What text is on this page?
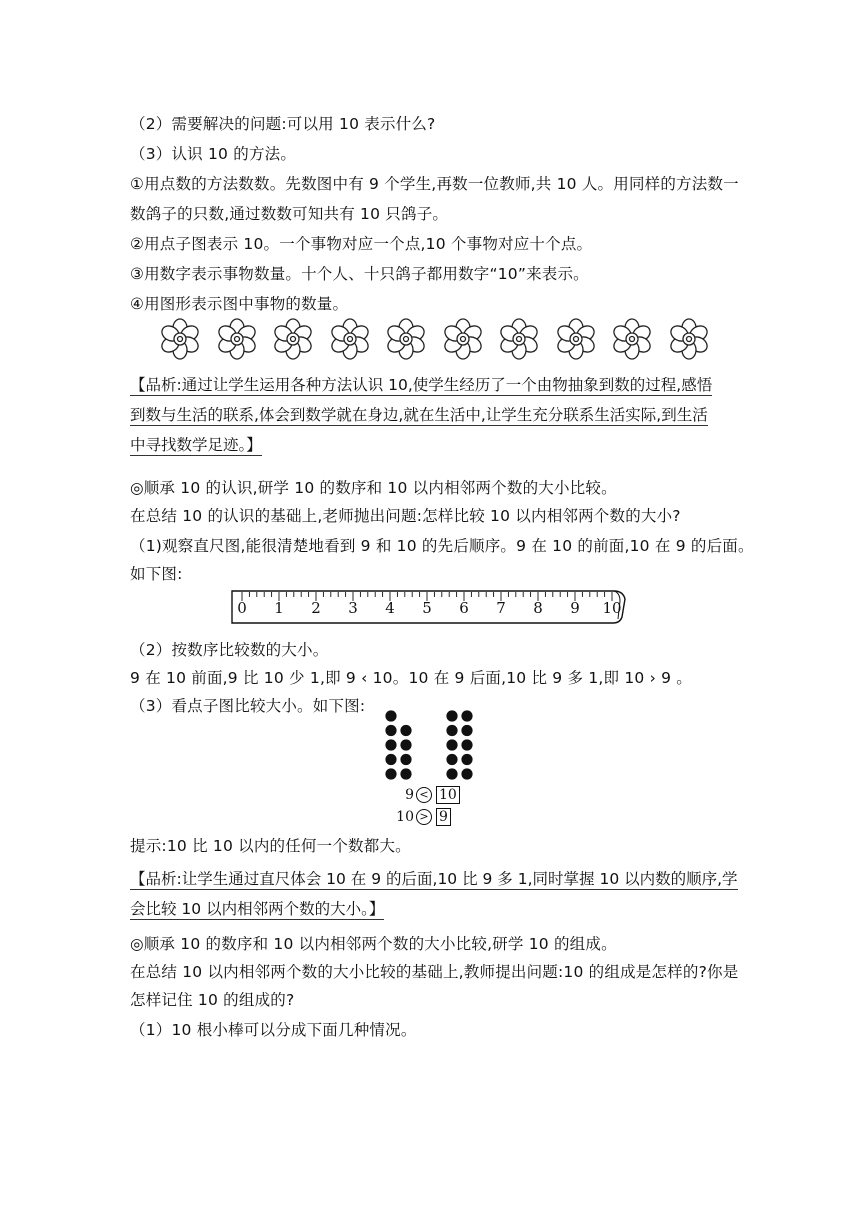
（2）需要解决的问题:可以用 10 表示什么?
（3）认识 10 的方法。
①用点数的方法数数。先数图中有 9 个学生,再数一位教师,共 10 人。用同样的方法数一
数鸽子的只数,通过数数可知共有 10 只鸽子。
②用点子图表示 10。一个事物对应一个点,10 个事物对应十个点。
③用数字表示事物数量。十个人、十只鸽子都用数字“10”来表示。
④用图形表示图中事物的数量。
【品析:通过让学生运用各种方法认识 10,使学生经历了一个由物抽象到数的过程,感悟
到数与生活的联系,体会到数学就在身边,就在生活中,让学生充分联系生活实际,到生活
中寻找数学足迹。】
◎顺承 10 的认识,研学 10 的数序和 10 以内相邻两个数的大小比较。
在总结 10 的认识的基础上,老师抛出问题:怎样比较 10 以内相邻两个数的大小?
（1)观察直尺图,能很清楚地看到 9 和 10 的先后顺序。9 在 10 的前面,10 在 9 的后面。
如下图:
0 1 2 3 4 5 6 7 8 9 10
（2）按数序比较数的大小。
9 在 10 前面,9 比 10 少 1,即 9 ‹ 10。10 在 9 后面,10 比 9 多 1,即 10 › 9 。
（3）看点子图比较大小。如下图:
9 < 10
10 > 9
提示:10 比 10 以内的任何一个数都大。
【品析:让学生通过直尺体会 10 在 9 的后面,10 比 9 多 1,同时掌握 10 以内数的顺序,学
会比较 10 以内相邻两个数的大小。】
◎顺承 10 的数序和 10 以内相邻两个数的大小比较,研学 10 的组成。
在总结 10 以内相邻两个数的大小比较的基础上,教师提出问题:10 的组成是怎样的?你是
怎样记住 10 的组成的?
（1）10 根小棒可以分成下面几种情况。
